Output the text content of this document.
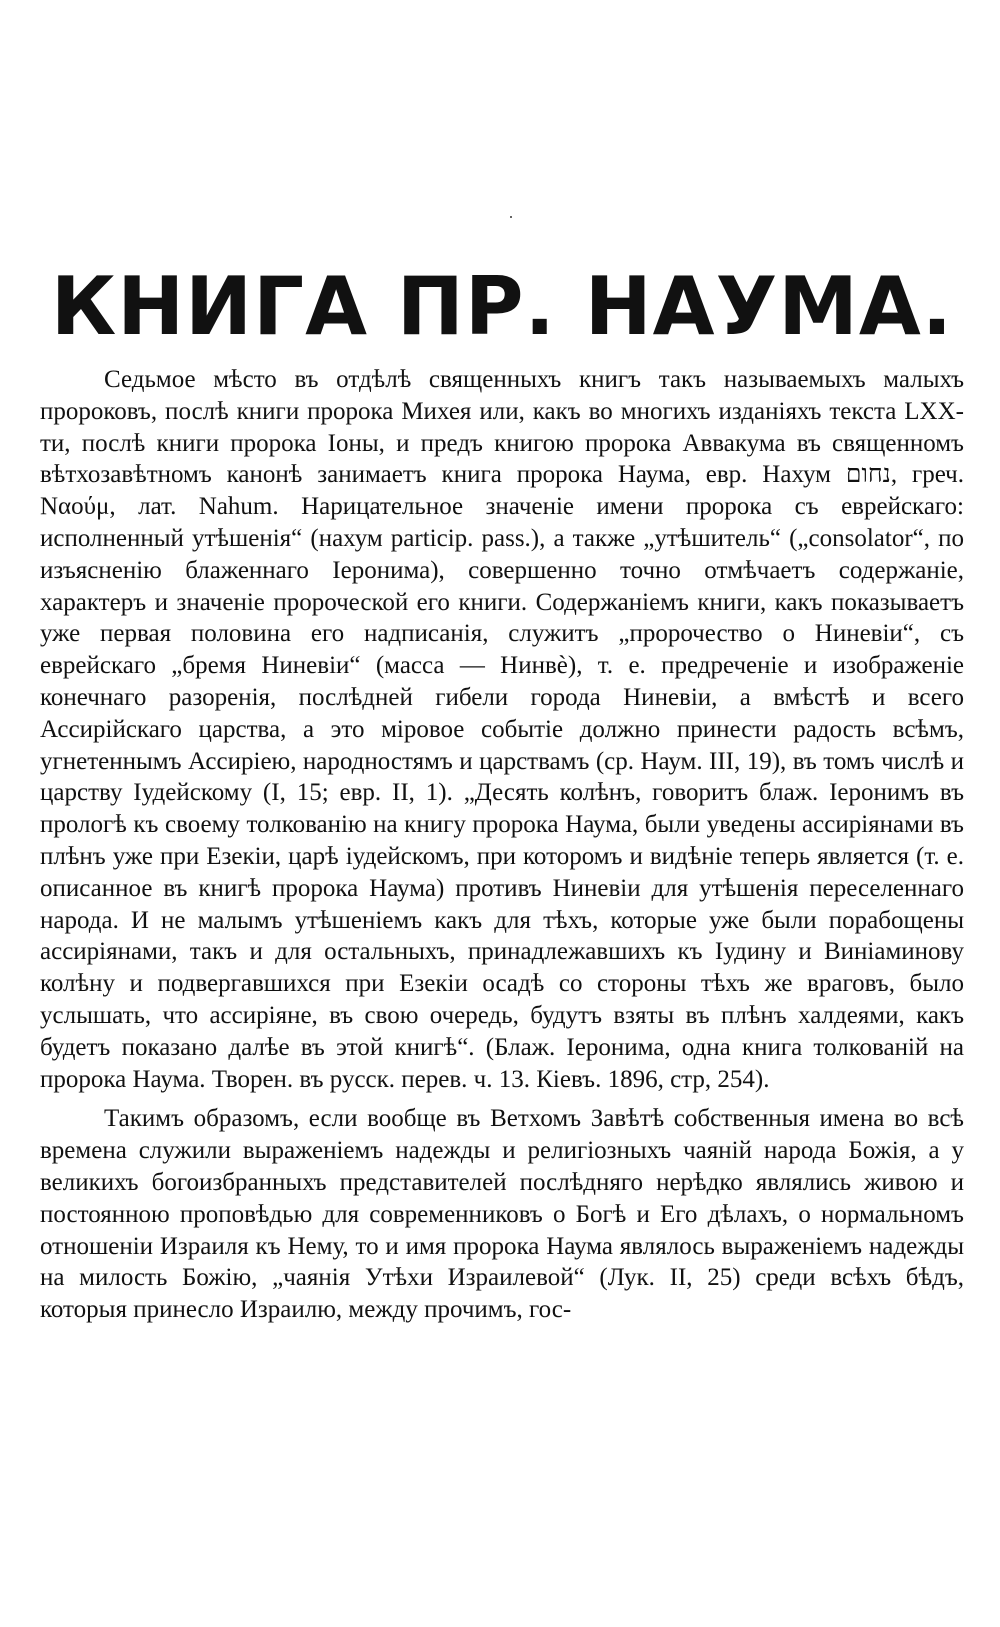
КНИГА ПР. НАУМА.

Седьмое мѣсто въ отдѣлѣ священныхъ книгъ такъ называемыхъ малыхъ пророковъ, послѣ книги пророка Михея или, какъ во многихъ изданіяхъ текста LXX-ти, послѣ книги пророка Іоны, и предъ книгою пророка Аввакума въ священномъ вѣтхозавѣтномъ канонѣ занимаетъ книга пророка Наума, евр. Нахум נחום, греч. Ναούμ, лат. Nahum. Нарицательное значеніе имени пророка съ еврейскаго: исполненный утѣшенія“ (нахум particip. pass.), а также „утѣшитель“ („consolator“, по изъясненію блаженнаго Іеронима), совершенно точно отмѣчаетъ содержаніе, характеръ и значеніе пророческой его книги. Содержаніемъ книги, какъ показываетъ уже первая половина его надписанія, служитъ „пророчество о Ниневіи“, съ еврейскаго „бремя Ниневіи“ (масса — Нинвѐ), т. е. предреченіе и изображеніе конечнаго разоренія, послѣдней гибели города Ниневіи, а вмѣстѣ и всего Ассирійскаго царства, а это міровое событіе должно принести радость всѣмъ, угнетеннымъ Ассиріею, народностямъ и царствамъ (ср. Наум. III, 19), въ томъ числѣ и царству Іудейскому (I, 15; евр. II, 1). „Десять колѣнъ, говоритъ блаж. Іеронимъ въ прологѣ къ своему толкованію на книгу пророка Наума, были уведены ассиріянами въ плѣнъ уже при Езекіи, царѣ іудейскомъ, при которомъ и видѣніе теперь является (т. е. описанное въ книгѣ пророка Наума) противъ Ниневіи для утѣшенія переселеннаго народа. И не малымъ утѣшеніемъ какъ для тѣхъ, которые уже были порабощены ассиріянами, такъ и для остальныхъ, принадлежавшихъ къ Іудину и Виніаминову колѣну и подвергавшихся при Езекіи осадѣ со стороны тѣхъ же враговъ, было услышать, что ассиріяне, въ свою очередь, будутъ взяты въ плѣнъ халдеями, какъ будетъ показано далѣе въ этой книгѣ“. (Блаж. Іеронима, одна книга толкованій на пророка Наума. Творен. въ русск. перев. ч. 13. Кіевъ. 1896, стр, 254).

Такимъ образомъ, если вообще въ Ветхомъ Завѣтѣ собственныя имена во всѣ времена служили выраженіемъ надежды и религіозныхъ чаяній народа Божія, а у великихъ богоизбранныхъ представителей послѣдняго нерѣдко являлись живою и постоянною проповѣдью для современниковъ о Богѣ и Его дѣлахъ, о нормальномъ отношеніи Израиля къ Нему, то и имя пророка Наума являлось выраженіемъ надежды на милость Божію, „чаянія Утѣхи Израилевой“ (Лук. II, 25) среди всѣхъ бѣдъ, которыя принесло Израилю, между прочимъ, гос-
